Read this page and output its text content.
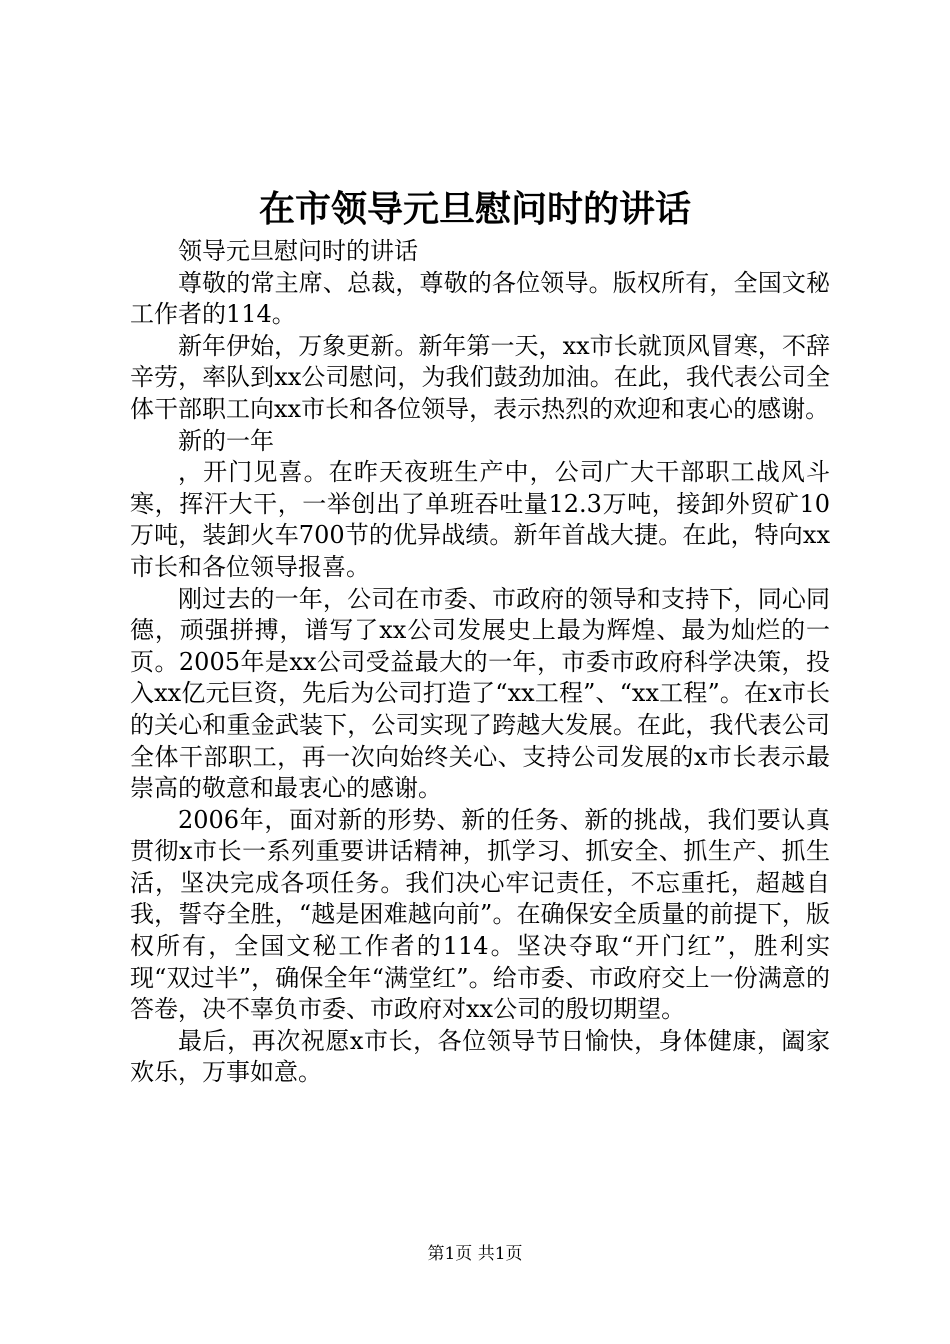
在市领导元旦慰问时的讲话

领导元旦慰问时的讲话

尊敬的常主席、总裁，尊敬的各位领导。版权所有，全国文秘工作者的114。

新年伊始，万象更新。新年第一天，xx市长就顶风冒寒，不辞辛劳，率队到xx公司慰问，为我们鼓劲加油。在此，我代表公司全体干部职工向xx市长和各位领导，表示热烈的欢迎和衷心的感谢。

新的一年

，开门见喜。在昨天夜班生产中，公司广大干部职工战风斗寒，挥汗大干，一举创出了单班吞吐量12.3万吨，接卸外贸矿10万吨，装卸火车700节的优异战绩。新年首战大捷。在此，特向xx市长和各位领导报喜。

刚过去的一年，公司在市委、市政府的领导和支持下，同心同德，顽强拼搏，谱写了xx公司发展史上最为辉煌、最为灿烂的一页。2005年是xx公司受益最大的一年，市委市政府科学决策，投入xx亿元巨资，先后为公司打造了“xx工程”、“xx工程”。在x市长的关心和重金武装下，公司实现了跨越大发展。在此，我代表公司全体干部职工，再一次向始终关心、支持公司发展的x市长表示最崇高的敬意和最衷心的感谢。

2006年，面对新的形势、新的任务、新的挑战，我们要认真贯彻x市长一系列重要讲话精神，抓学习、抓安全、抓生产、抓生活，坚决完成各项任务。我们决心牢记责任，不忘重托，超越自我，誓夺全胜，“越是困难越向前”。在确保安全质量的前提下，版权所有，全国文秘工作者的114。坚决夺取“开门红”，胜利实现“双过半”，确保全年“满堂红”。给市委、市政府交上一份满意的答卷，决不辜负市委、市政府对xx公司的殷切期望。

最后，再次祝愿x市长，各位领导节日愉快，身体健康，阖家欢乐，万事如意。

第1页 共1页
